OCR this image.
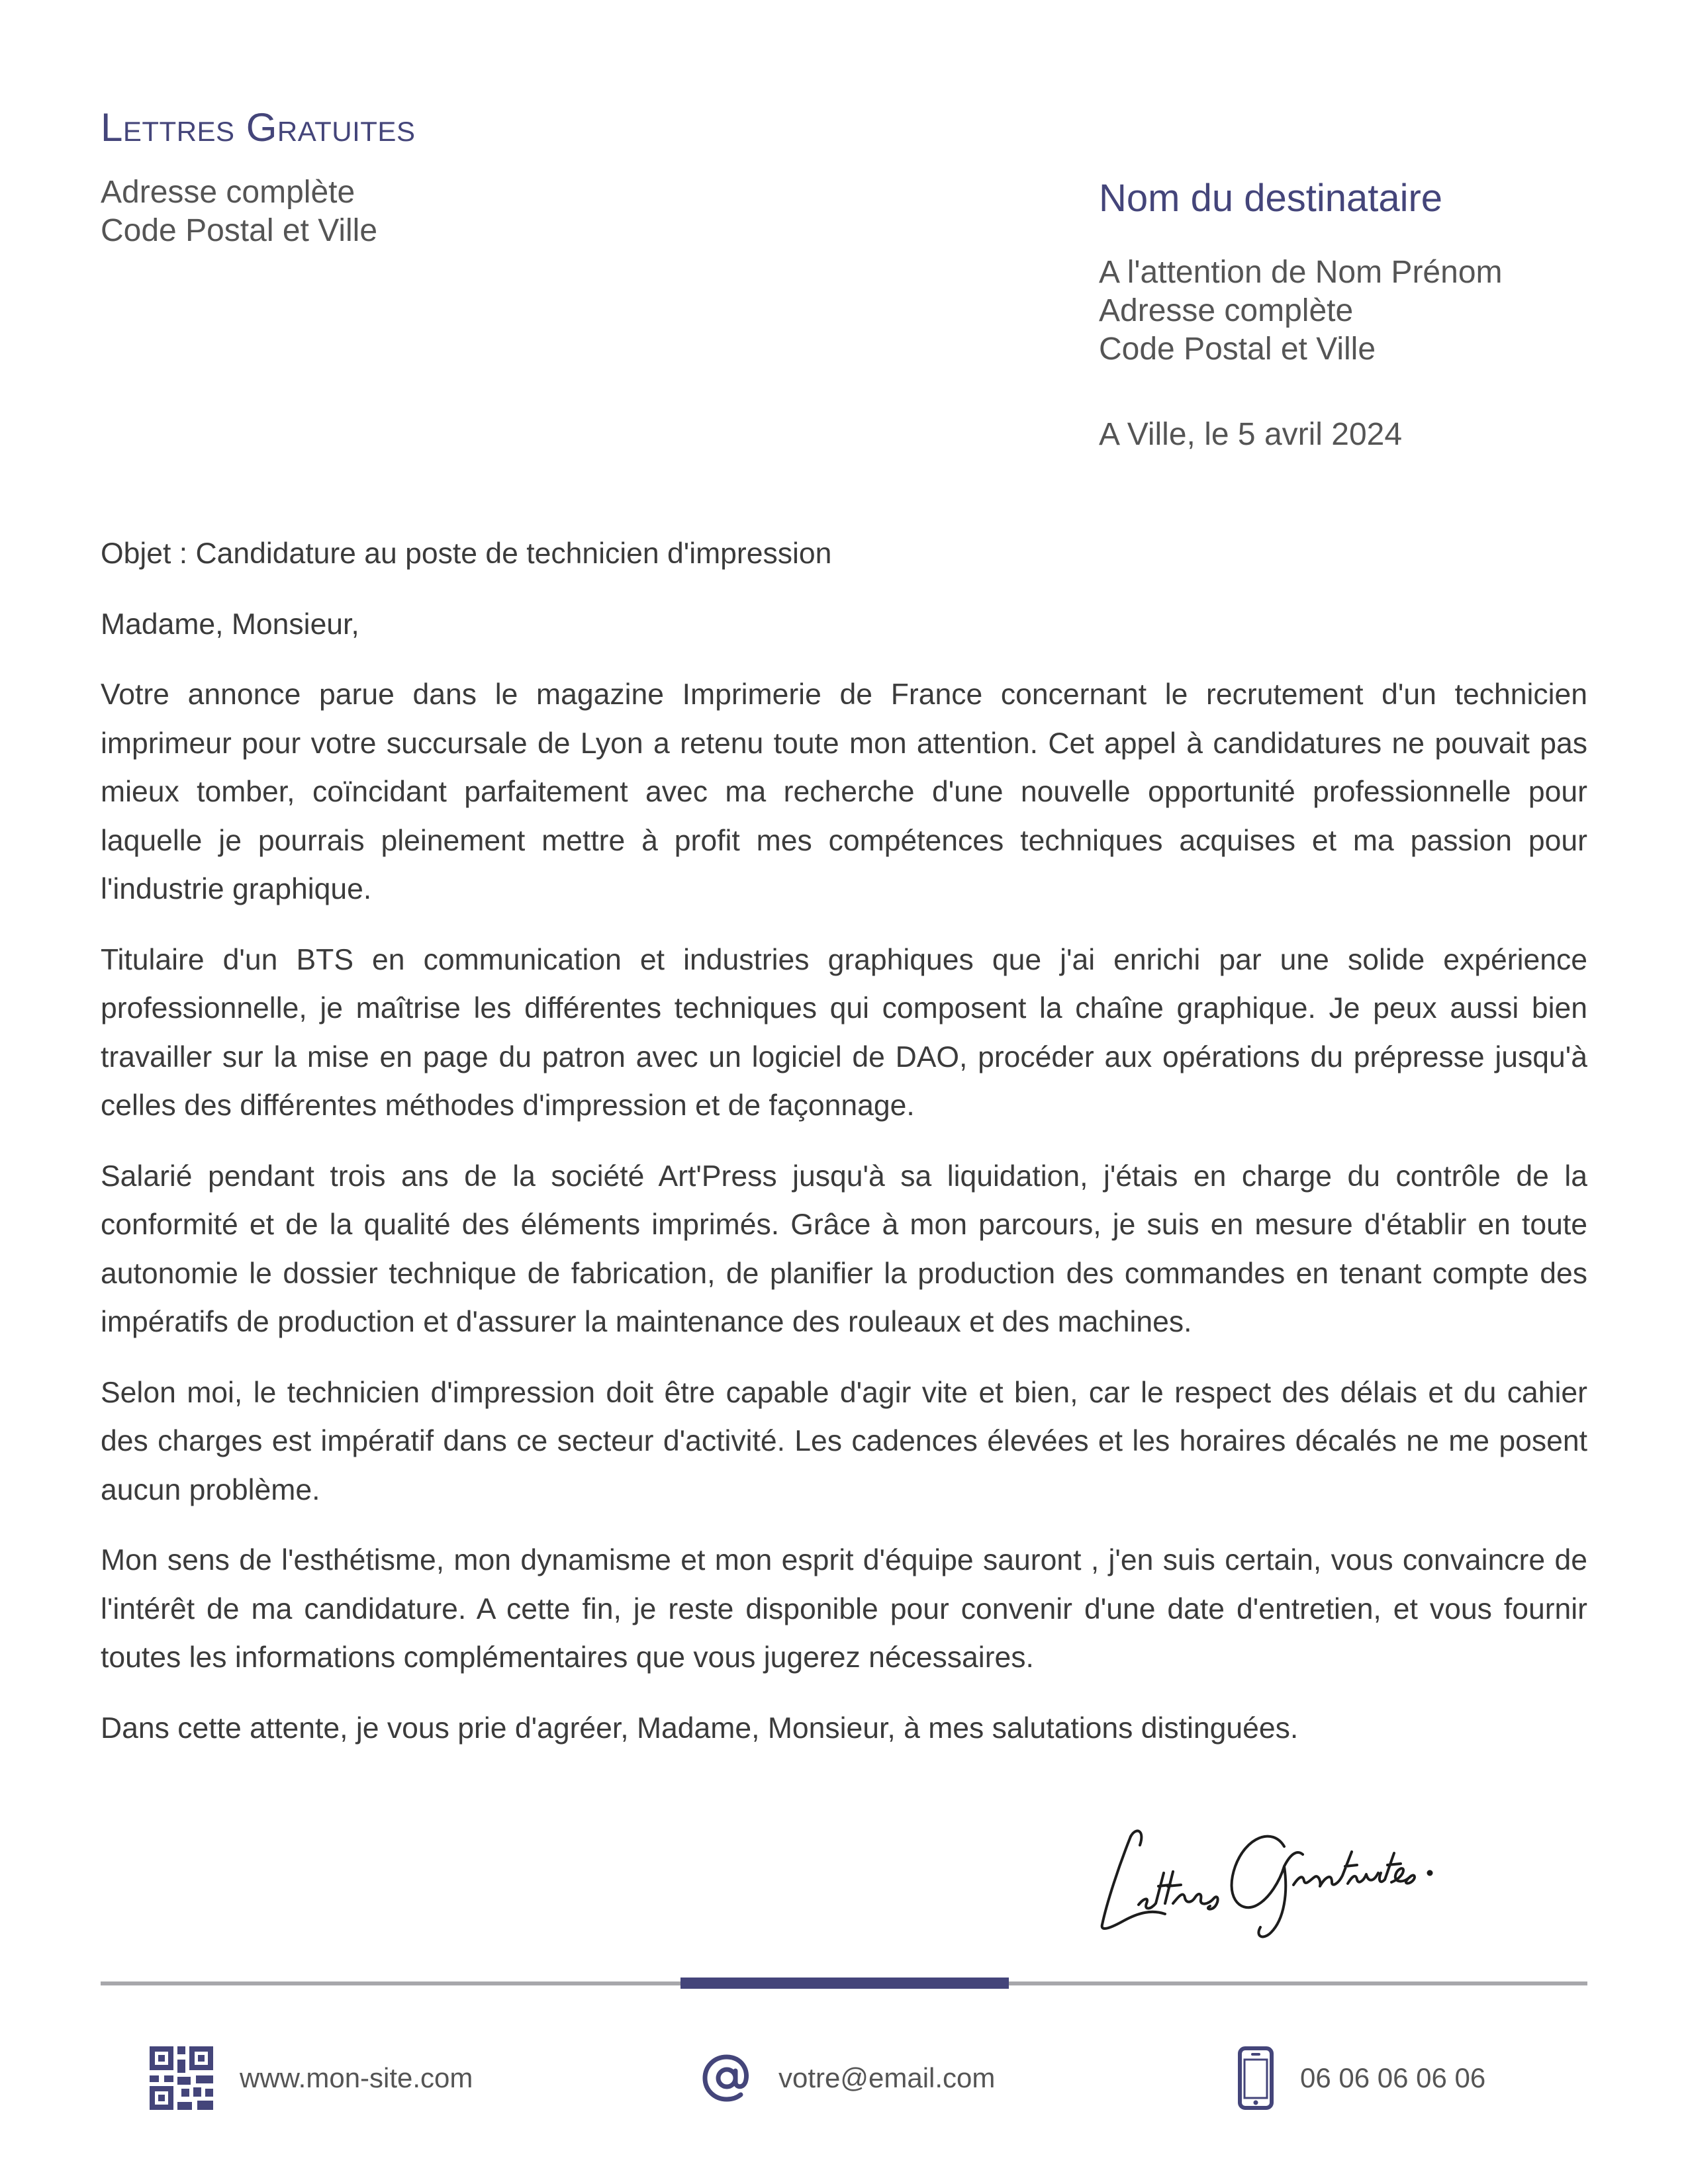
Lettres Gratuites
Adresse complète
Code Postal et Ville
Nom du destinataire
A l'attention de Nom Prénom
Adresse complète
Code Postal et Ville
A Ville, le 5 avril 2024

Objet : Candidature au poste de technicien d'impression

Madame, Monsieur,

Votre annonce parue dans le magazine Imprimerie de France concernant le recrutement d'un technicien imprimeur pour votre succursale de Lyon a retenu toute mon attention. Cet appel à candidatures ne pouvait pas mieux tomber, coïncidant parfaitement avec ma recherche d'une nouvelle opportunité professionnelle pour laquelle je pourrais pleinement mettre à profit mes compétences techniques acquises et ma passion pour l'industrie graphique.

Titulaire d'un BTS en communication et industries graphiques que j'ai enrichi par une solide expérience professionnelle, je maîtrise les différentes techniques qui composent la chaîne graphique. Je peux aussi bien travailler sur la mise en page du patron avec un logiciel de DAO, procéder aux opérations du prépresse jusqu'à celles des différentes méthodes d'impression et de façonnage.

Salarié pendant trois ans de la société Art'Press jusqu'à sa liquidation, j'étais en charge du contrôle de la conformité et de la qualité des éléments imprimés. Grâce à mon parcours, je suis en mesure d'établir en toute autonomie le dossier technique de fabrication, de planifier la production des commandes en tenant compte des impératifs de production et d'assurer la maintenance des rouleaux et des machines.

Selon moi, le technicien d'impression doit être capable d'agir vite et bien, car le respect des délais et du cahier des charges est impératif dans ce secteur d'activité. Les cadences élevées et les horaires décalés ne me posent aucun problème.

Mon sens de l'esthétisme, mon dynamisme et mon esprit d'équipe sauront , j'en suis certain, vous convaincre de l'intérêt de ma candidature. A cette fin, je reste disponible pour convenir d'une date d'entretien, et vous fournir toutes les informations complémentaires que vous jugerez nécessaires.

Dans cette attente, je vous prie d'agréer, Madame, Monsieur, à mes salutations distinguées.

www.mon-site.com	votre@email.com	06 06 06 06 06
